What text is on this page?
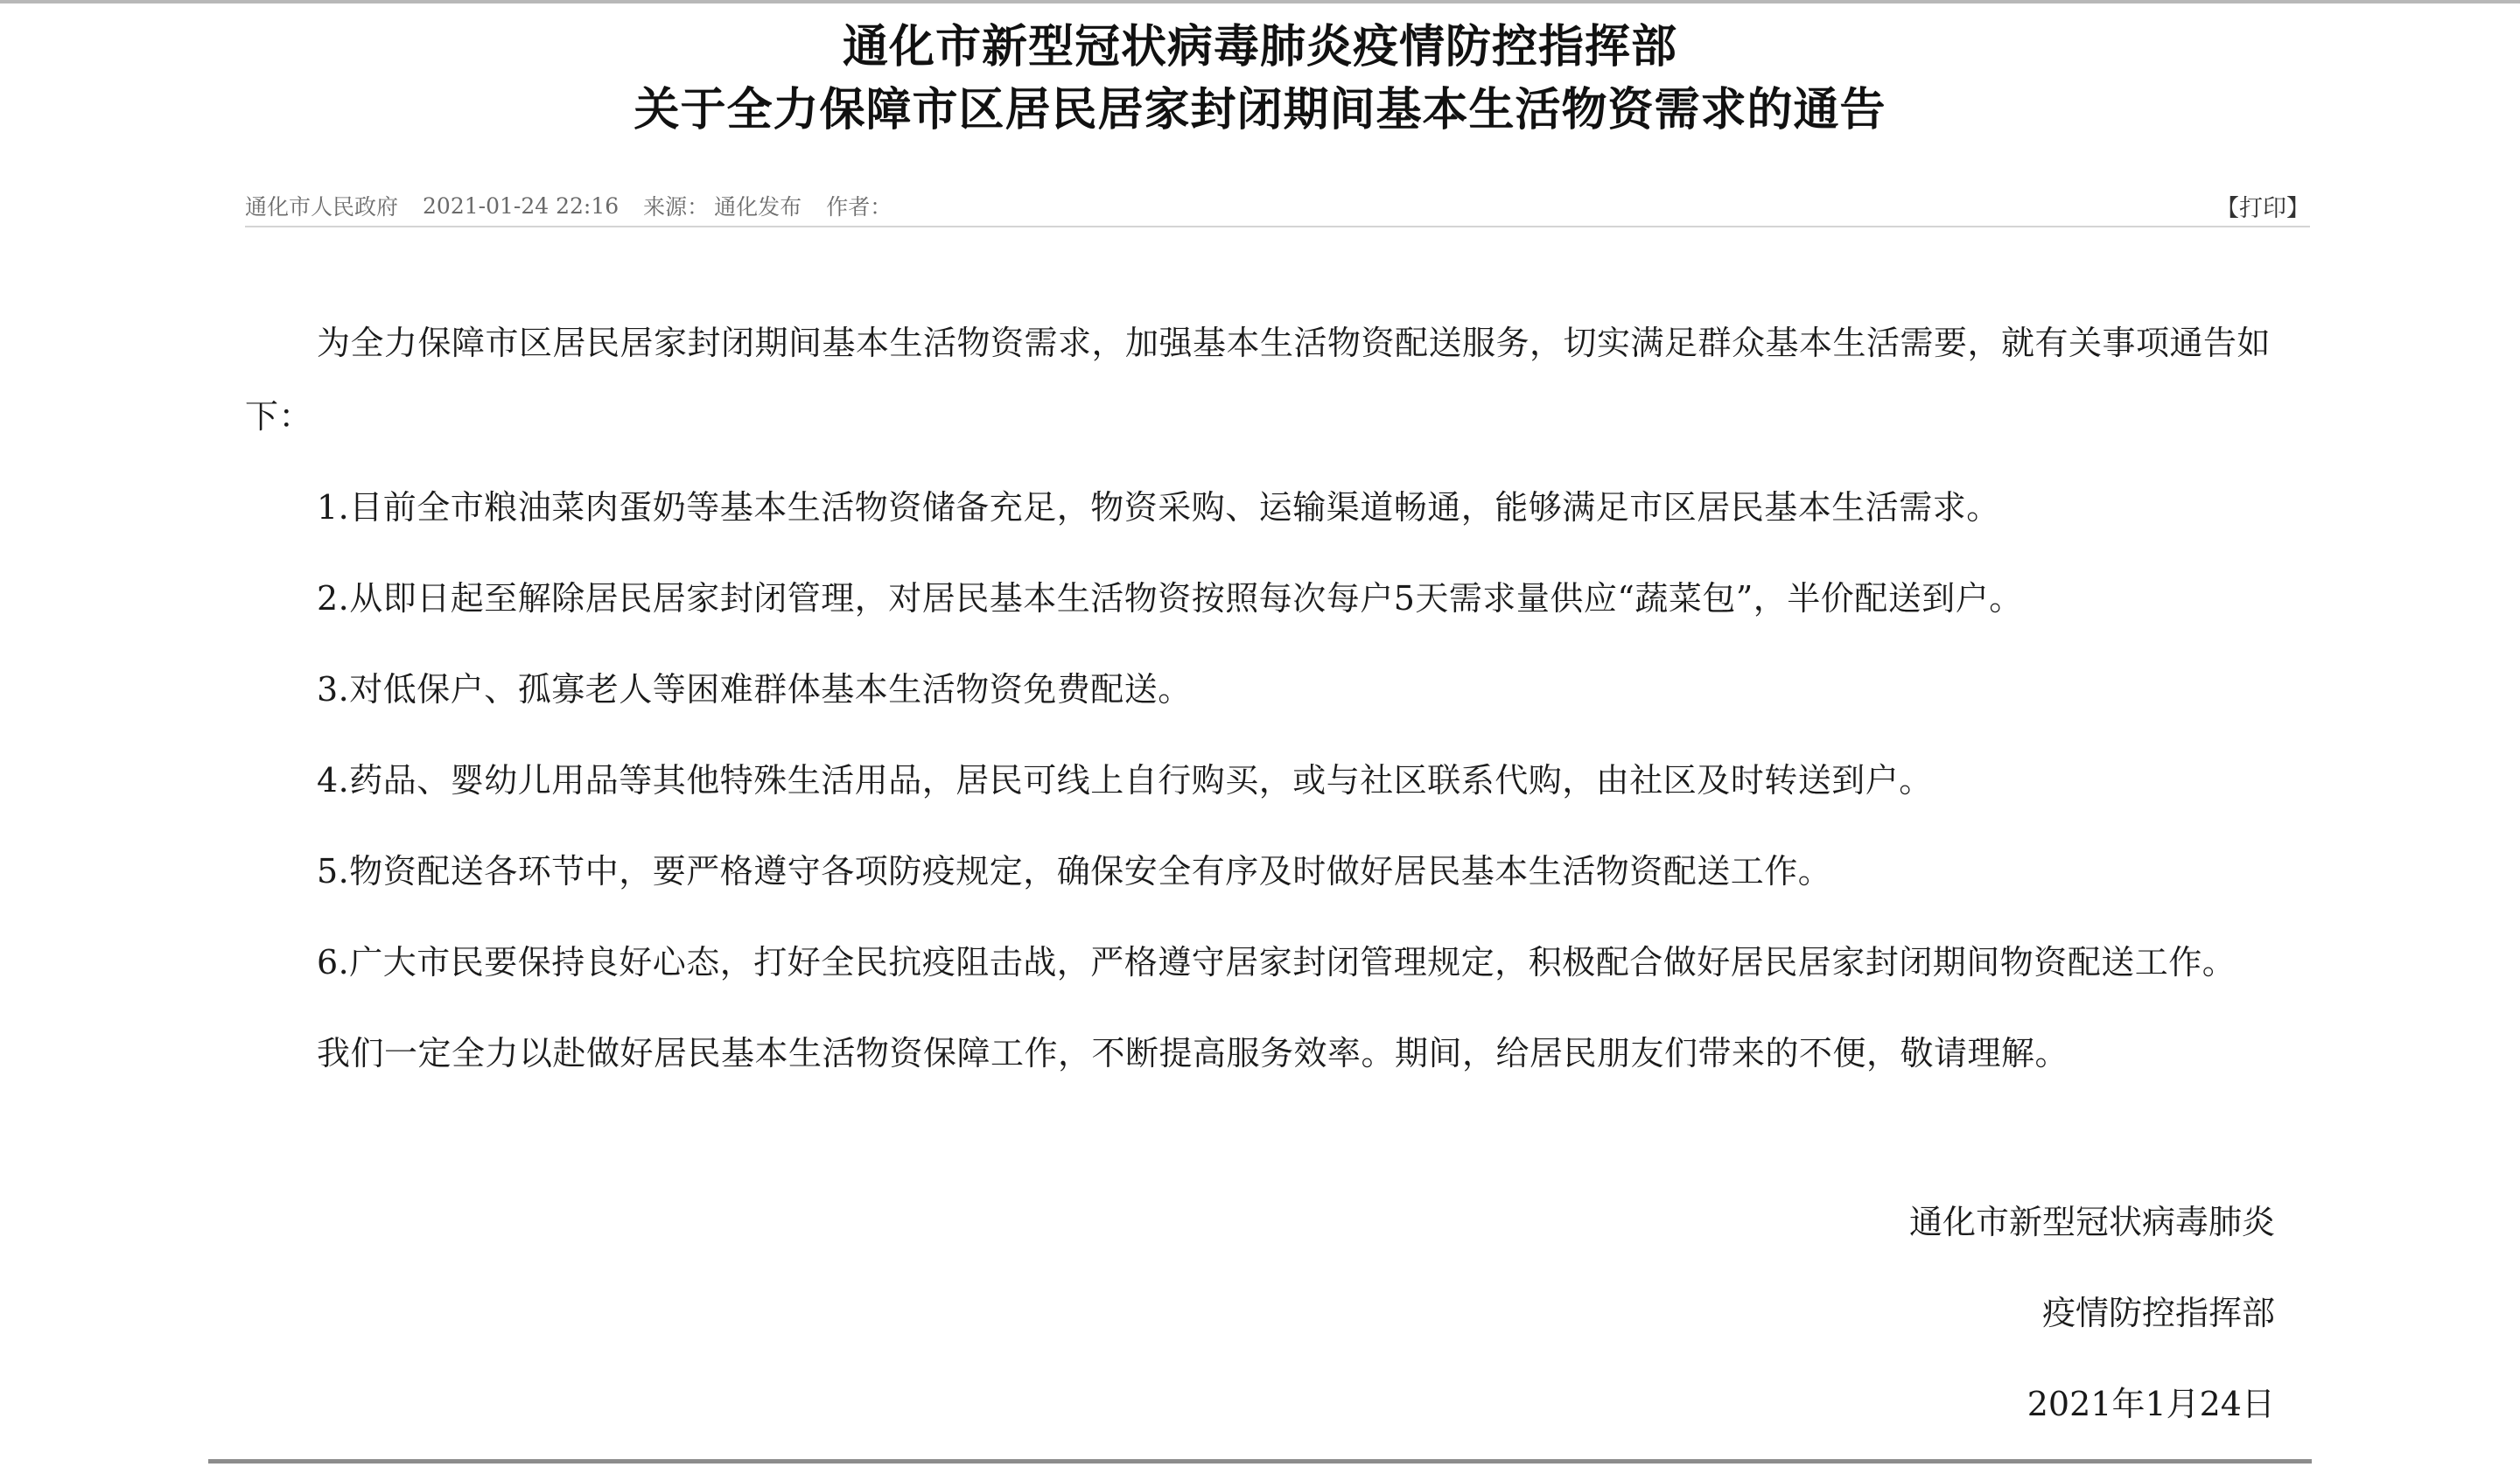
通化市新型冠状病毒肺炎疫情防控指挥部

关于全力保障市区居民居家封闭期间基本生活物资需求的通告

通化市人民政府 2021-01-24 22:16 来源： 通化发布 作者：	【打印】

为全力保障市区居民居家封闭期间基本生活物资需求，加强基本生活物资配送服务，切实满足群众基本生活需要，就有关事项通告如下：

1.目前全市粮油菜肉蛋奶等基本生活物资储备充足，物资采购、运输渠道畅通，能够满足市区居民基本生活需求。

2.从即日起至解除居民居家封闭管理，对居民基本生活物资按照每次每户5天需求量供应“蔬菜包”，半价配送到户。

3.对低保户、孤寡老人等困难群体基本生活物资免费配送。

4.药品、婴幼儿用品等其他特殊生活用品，居民可线上自行购买，或与社区联系代购，由社区及时转送到户。

5.物资配送各环节中，要严格遵守各项防疫规定，确保安全有序及时做好居民基本生活物资配送工作。

6.广大市民要保持良好心态，打好全民抗疫阻击战，严格遵守居家封闭管理规定，积极配合做好居民居家封闭期间物资配送工作。

我们一定全力以赴做好居民基本生活物资保障工作，不断提高服务效率。期间，给居民朋友们带来的不便，敬请理解。

通化市新型冠状病毒肺炎

疫情防控指挥部

2021年1月24日
